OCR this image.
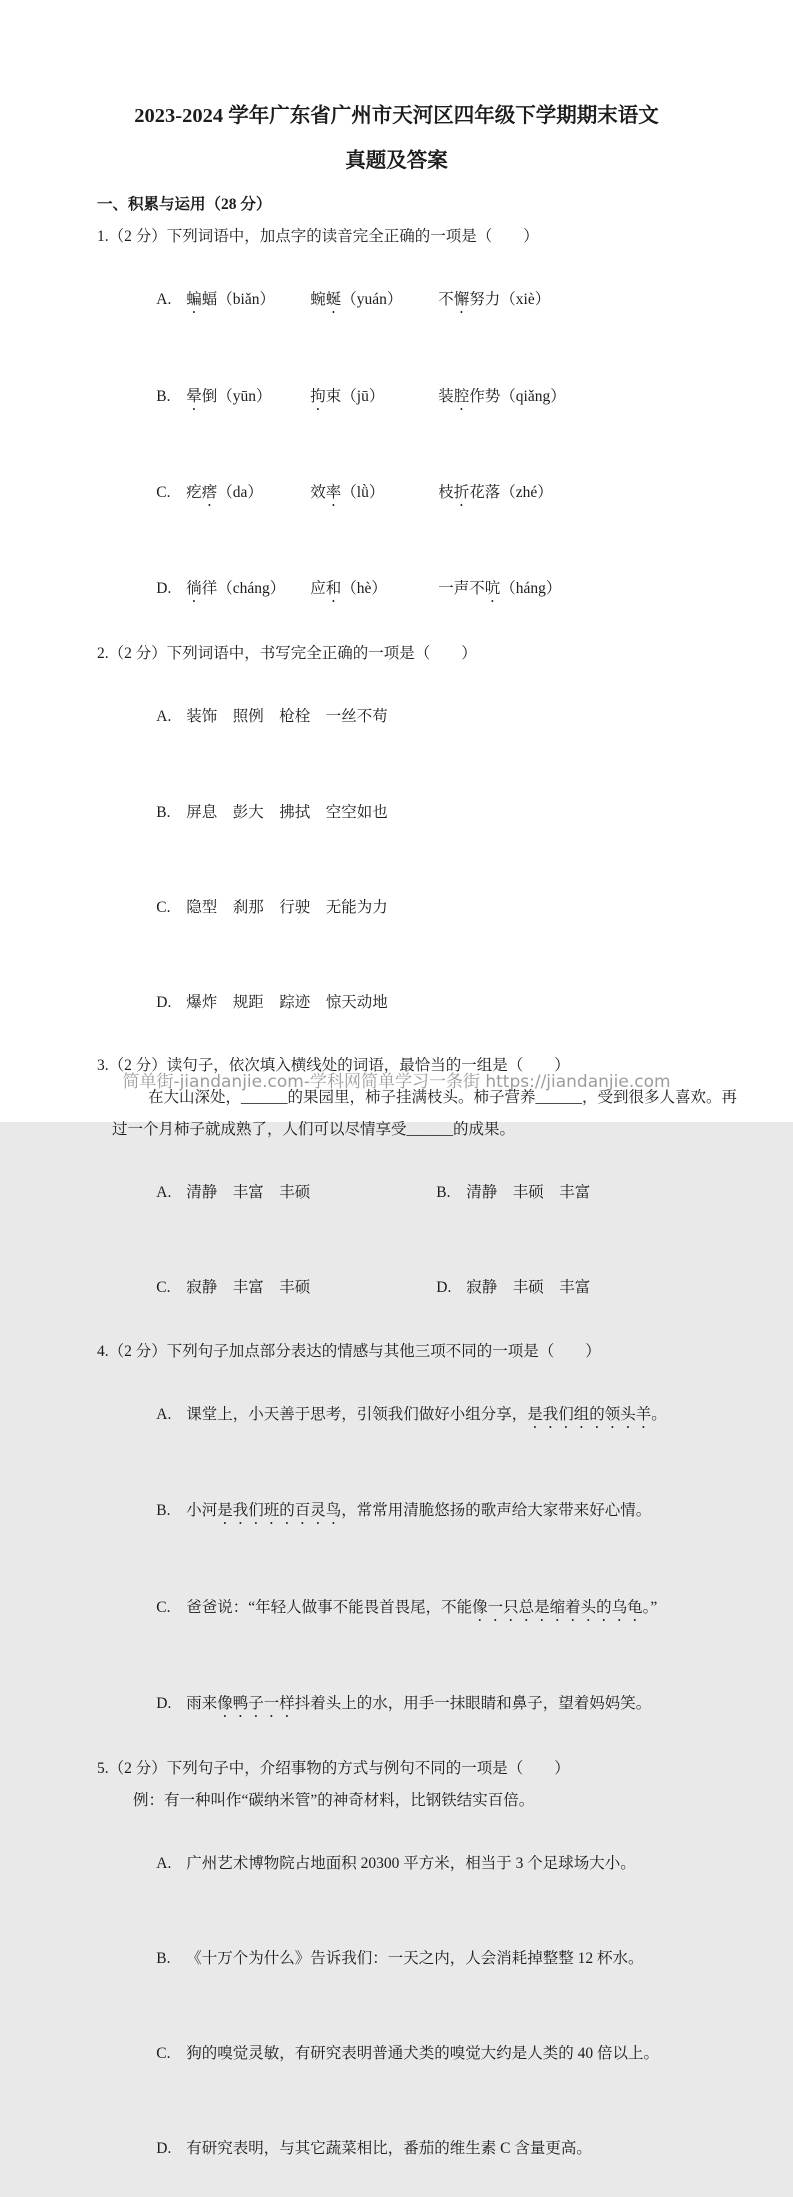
2023-2024 学年广东省广州市天河区四年级下学期期末语文
真题及答案
一、积累与运用（28 分）
1.（2 分）下列词语中，加点字的读音完全正确的一项是（　　）

A. 蝙蝠（biǎn） 蜿蜒（yuán） 不懈努力（xiè）

B. 晕倒（yūn） 拘束（jū）	装腔作势（qiǎng）

C. 疙瘩（da）	效率（lǜ）	枝折花落（zhé）

D. 徜徉（cháng） 应和（hè）	一声不吭（háng）

2.（2 分）下列词语中，书写完全正确的一项是（　　）

A. 装饰　照例　枪栓　一丝不苟

B. 屏息　彭大　拂拭　空空如也

C. 隐型　刹那　行驶　无能为力

D. 爆炸　规距　踪迹　惊天动地

3.（2 分）读句子，依次填入横线处的词语，最恰当的一组是（　　）
在大山深处，______的果园里，柿子挂满枝头。柿子营养______，受到很多人喜欢。再
过一个月柿子就成熟了，人们可以尽情享受______的成果。

A. 清静　丰富　丰硕	B. 清静　丰硕　丰富

C. 寂静　丰富　丰硕	D. 寂静　丰硕　丰富

4.（2 分）下列句子加点部分表达的情感与其他三项不同的一项是（　　）

A. 课堂上，小天善于思考，引领我们做好小组分享，是我们组的领头羊。

B. 小河是我们班的百灵鸟，常常用清脆悠扬的歌声给大家带来好心情。

C. 爸爸说：“年轻人做事不能畏首畏尾，不能像一只总是缩着头的乌龟。”

D. 雨来像鸭子一样抖着头上的水，用手一抹眼睛和鼻子，望着妈妈笑。

5.（2 分）下列句子中，介绍事物的方式与例句不同的一项是（　　）
例：有一种叫作“碳纳米管”的神奇材料，比钢铁结实百倍。

A. 广州艺术博物院占地面积 20300 平方米，相当于 3 个足球场大小。

B. 《十万个为什么》告诉我们：一天之内，人会消耗掉整整 12 杯水。

C. 狗的嗅觉灵敏，有研究表明普通犬类的嗅觉大约是人类的 40 倍以上。

D. 有研究表明，与其它蔬菜相比，番茄的维生素 C 含量更高。

简单街-jiandanjie.com-学科网简单学习一条街 https://jiandanjie.com
